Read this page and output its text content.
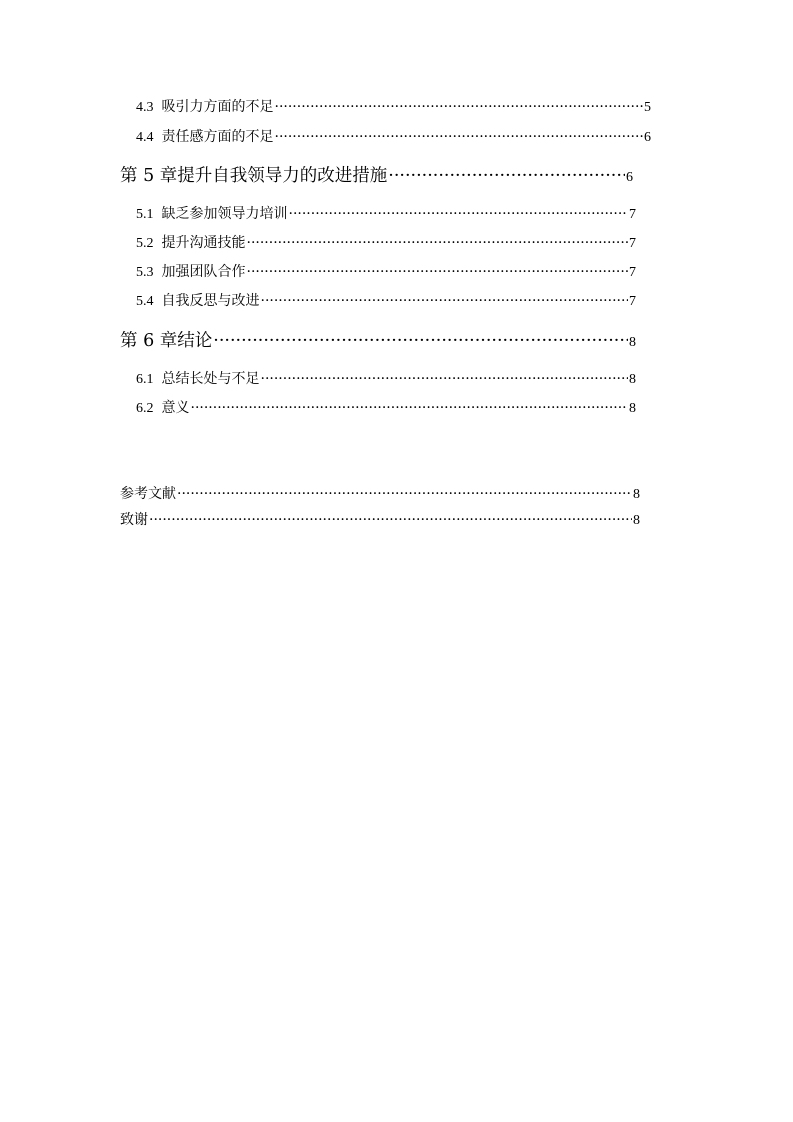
4.3 吸引力方面的不足 ·····	5
4.4 责任感方面的不足 ·····	6
第 5 章提升自我领导力的改进措施 ·····	6
5.1 缺乏参加领导力培训 ·····	7
5.2 提升沟通技能 ·····	7
5.3 加强团队合作 ·····	7
5.4 自我反思与改进 ·····	7
第 6 章结论 ·····	8
6.1 总结长处与不足 ·····	8
6.2 意义 ·····	8
参考文献 ·····	8
致谢 ·····	8
